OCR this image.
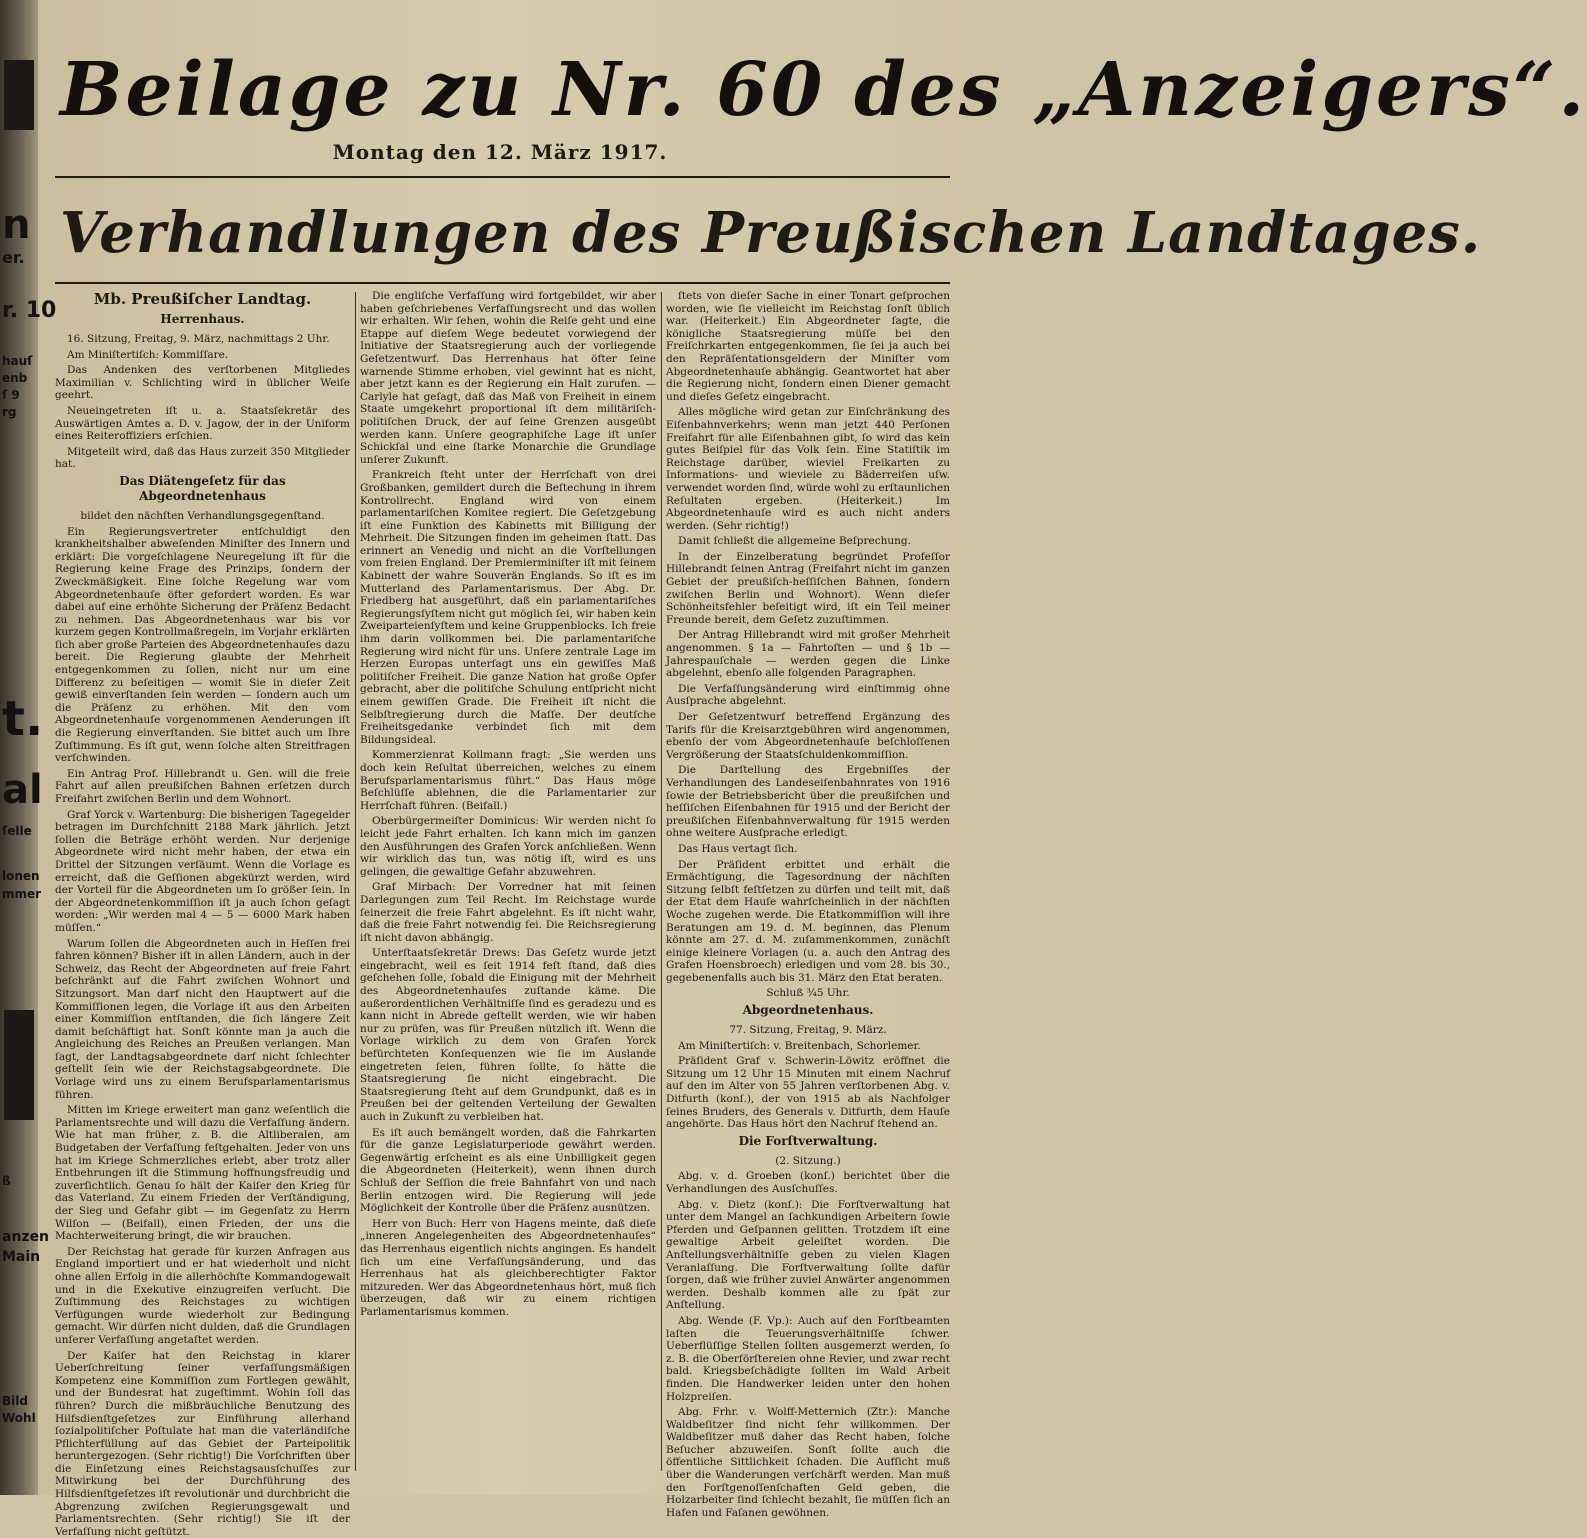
n
er.
r. 10
hauſ
enb
ſ 9
rg
t.
al
ſelle
lonen
mmer
ß
anzen
Main
Bild
Wohl
Beilage zu Nr. 60 des „Anzeigers“.
Montag den 12. März 1917.
Verhandlungen des Preußischen Landtages.
Mb. Preußiſcher Landtag.
Herrenhaus.

16. Sitzung, Freitag, 9. März, nachmittags 2 Uhr.

Am Miniſtertiſch: Kommiſſare.

Das Andenken des verſtorbenen Mitgliedes Maximilian v. Schlichting wird in üblicher Weiſe geehrt.

Neueingetreten iſt u. a. Staatsſekretär des Auswärtigen Amtes a. D. v. Jagow, der in der Uniform eines Reiteroffiziers erſchien.

Mitgeteilt wird, daß das Haus zurzeit 350 Mitglieder hat.

Das Diätengeſetz für das Abgeordnetenhaus

bildet den nächſten Verhandlungsgegenſtand.

Ein Regierungsvertreter entſchuldigt den krankheitshalber abweſenden Miniſter des Innern und erklärt: Die vorgeſchlagene Neuregelung iſt für die Regierung keine Frage des Prinzips, ſondern der Zweckmäßigkeit. Eine ſolche Regelung war vom Abgeordnetenhauſe öfter gefordert worden. Es war dabei auf eine erhöhte Sicherung der Präſenz Bedacht zu nehmen. Das Abgeordnetenhaus war bis vor kurzem gegen Kontrollmaßregeln, im Vorjahr erklärten ſich aber große Parteien des Abgeordnetenhauſes dazu bereit. Die Regierung glaubte der Mehrheit entgegenkommen zu ſollen, nicht nur um eine Differenz zu beſeitigen — womit Sie in dieſer Zeit gewiß einverſtanden ſein werden — ſondern auch um die Präſenz zu erhöhen. Mit den vom Abgeordnetenhauſe vorgenommenen Aenderungen iſt die Regierung einverſtanden. Sie bittet auch um Ihre Zuſtimmung. Es iſt gut, wenn ſolche alten Streitfragen verſchwinden.

Ein Antrag Prof. Hillebrandt u. Gen. will die freie Fahrt auf allen preußiſchen Bahnen erſetzen durch Freifahrt zwiſchen Berlin und dem Wohnort.

Graf Yorck v. Wartenburg: Die bisherigen Tagegelder betragen im Durchſchnitt 2188 Mark jährlich. Jetzt ſollen die Beträge erhöht werden. Nur derjenige Abgeordnete wird nicht mehr haben, der etwa ein Drittel der Sitzungen verſäumt. Wenn die Vorlage es erreicht, daß die Geſſionen abgekürzt werden, wird der Vorteil für die Abgeordneten um ſo größer ſein. In der Abgeordnetenkommiſſion iſt ja auch ſchon geſagt worden: „Wir werden mal 4 — 5 — 6000 Mark haben müſſen.“

Warum ſollen die Abgeordneten auch in Heſſen frei fahren können? Bisher iſt in allen Ländern, auch in der Schweiz, das Recht der Abgeordneten auf freie Fahrt beſchränkt auf die Fahrt zwiſchen Wohnort und Sitzungsort. Man darf nicht den Hauptwert auf die Kommiſſionen legen, die Vorlage iſt aus den Arbeiten einer Kommiſſion entſtanden, die ſich längere Zeit damit beſchäftigt hat. Sonſt könnte man ja auch die Angleichung des Reiches an Preußen verlangen. Man ſagt, der Landtagsabgeordnete darf nicht ſchlechter geſtellt ſein wie der Reichstagsabgeordnete. Die Vorlage wird uns zu einem Berufsparlamentarismus führen.

Mitten im Kriege erweitert man ganz weſentlich die Parlamentsrechte und will dazu die Verfaſſung ändern. Wie hat man früher, z. B. die Altliberalen, am Budgetaben der Verfaſſung feſtgehalten. Jeder von uns hat im Kriege Schmerzliches erlebt, aber trotz aller Entbehrungen iſt die Stimmung hoffnungsfreudig und zuverſichtlich. Genau ſo hält der Kaiſer den Krieg für das Vaterland. Zu einem Frieden der Verſtändigung, der Sieg und Gefahr gibt — im Gegenſatz zu Herrn Wilſon — (Beifall), einen Frieden, der uns die Machterweiterung bringt, die wir brauchen.

Der Reichstag hat gerade für kurzen Anfragen aus England importiert und er hat wiederholt und nicht ohne allen Erfolg in die allerhöchſte Kommandogewalt und in die Exekutive einzugreifen verſucht. Die Zuſtimmung des Reichstages zu wichtigen Verfügungen wurde wiederholt zur Bedingung gemacht. Wir dürfen nicht dulden, daß die Grundlagen unſerer Verfaſſung angetaſtet werden.

Der Kaiſer hat den Reichstag in klarer Ueberſchreitung ſeiner verfaſſungsmäßigen Kompetenz eine Kommiſſion zum Fortlegen gewählt, und der Bundesrat hat zugeſtimmt. Wohin ſoll das führen? Durch die mißbräuchliche Benutzung des Hilfsdienſtgeſetzes zur Einführung allerhand ſozialpolitiſcher Poſtulate hat man die vaterländiſche Pflichterfüllung auf das Gebiet der Parteipolitik heruntergezogen. (Sehr richtig!) Die Vorſchriften über die Einſetzung eines Reichstagsausſchuſſes zur Mitwirkung bei der Durchführung des Hilfsdienſtgeſetzes iſt revolutionär und durchbricht die Abgrenzung zwiſchen Regierungsgewalt und Parlamentsrechten. (Sehr richtig!) Sie iſt der Verfaſſung nicht geſtützt.

Die engliſche Verfaſſung wird fortgebildet, wir aber haben geſchriebenes Verfaſſungsrecht und das wollen wir erhalten. Wir ſehen, wohin die Reiſe geht und eine Etappe auf dieſem Wege bedeutet vorwiegend der Initiative der Staatsregierung auch der vorliegende Geſetzentwurf. Das Herrenhaus hat öfter ſeine warnende Stimme erhoben, viel gewinnt hat es nicht, aber jetzt kann es der Regierung ein Halt zurufen. — Carlyle hat geſagt, daß das Maß von Freiheit in einem Staate umgekehrt proportional iſt dem militäriſch-politiſchen Druck, der auf ſeine Grenzen ausgeübt werden kann. Unſere geographiſche Lage iſt unſer Schickſal und eine ſtarke Monarchie die Grundlage unſerer Zukunft.

Frankreich ſteht unter der Herrſchaft von drei Großbanken, gemildert durch die Beſtechung in ihrem Kontrollrecht. England wird von einem parlamentariſchen Komitee regiert. Die Geſetzgebung iſt eine Funktion des Kabinetts mit Billigung der Mehrheit. Die Sitzungen finden im geheimen ſtatt. Das erinnert an Venedig und nicht an die Vorſtellungen vom freien England. Der Premierminiſter iſt mit ſeinem Kabinett der wahre Souverän Englands. So iſt es im Mutterland des Parlamentarismus. Der Abg. Dr. Friedberg hat ausgeführt, daß ein parlamentariſches Regierungsſyſtem nicht gut möglich ſei, wir haben kein Zweiparteienſyſtem und keine Gruppenblocks. Ich freie ihm darin vollkommen bei. Die parlamentariſche Regierung wird nicht für uns. Unſere zentrale Lage im Herzen Europas unterſagt uns ein gewiſſes Maß politiſcher Freiheit. Die ganze Nation hat große Opfer gebracht, aber die politiſche Schulung entſpricht nicht einem gewiſſen Grade. Die Freiheit iſt nicht die Selbſtregierung durch die Maſſe. Der deutſche Freiheitsgedanke verbindet ſich mit dem Bildungsideal.

Kommerzienrat Kollmann fragt: „Sie werden uns doch kein Reſultat überreichen, welches zu einem Berufsparlamentarismus führt.“ Das Haus möge Beſchlüſſe ablehnen, die die Parlamentarier zur Herrſchaft führen. (Beifall.)

Oberbürgermeiſter Dominicus: Wir werden nicht ſo leicht jede Fahrt erhalten. Ich kann mich im ganzen den Ausführungen des Grafen Yorck anſchließen. Wenn wir wirklich das tun, was nötig iſt, wird es uns gelingen, die gewaltige Gefahr abzuwehren.

Graf Mirbach: Der Vorredner hat mit ſeinen Darlegungen zum Teil Recht. Im Reichstage wurde ſeinerzeit die freie Fahrt abgelehnt. Es iſt nicht wahr, daß die freie Fahrt notwendig ſei. Die Reichsregierung iſt nicht davon abhängig.

Unterſtaatsſekretär Drews: Das Geſetz wurde jetzt eingebracht, weil es ſeit 1914 feſt ſtand, daß dies geſchehen ſolle, ſobald die Einigung mit der Mehrheit des Abgeordnetenhauſes zuſtande käme. Die außerordentlichen Verhältniſſe ſind es geradezu und es kann nicht in Abrede geſtellt werden, wie wir haben nur zu prüfen, was für Preußen nützlich iſt. Wenn die Vorlage wirklich zu dem von Grafen Yorck befürchteten Konſequenzen wie ſie im Auslande eingetreten ſeien, führen ſollte, ſo hätte die Staatsregierung ſie nicht eingebracht. Die Staatsregierung ſteht auf dem Grundpunkt, daß es in Preußen bei der geltenden Verteilung der Gewalten auch in Zukunft zu verbleiben hat.

Es iſt auch bemängelt worden, daß die Fahrkarten für die ganze Legislaturperiode gewährt werden. Gegenwärtig erſcheint es als eine Unbilligkeit gegen die Abgeordneten (Heiterkeit), wenn ihnen durch Schluß der Seſſion die freie Bahnfahrt von und nach Berlin entzogen wird. Die Regierung will jede Möglichkeit der Kontrolle über die Präſenz ausnützen.

Herr von Buch: Herr von Hagens meinte, daß dieſe „inneren Angelegenheiten des Abgeordnetenhauſes“ das Herrenhaus eigentlich nichts angingen. Es handelt ſich um eine Verfaſſungsänderung, und das Herrenhaus hat als gleichberechtigter Faktor mitzureden. Wer das Abgeordnetenhaus hört, muß ſich überzeugen, daß wir zu einem richtigen Parlamentarismus kommen.

ſtets von dieſer Sache in einer Tonart geſprochen worden, wie ſie vielleicht im Reichstag ſonſt üblich war. (Heiterkeit.) Ein Abgeordneter ſagte, die königliche Staatsregierung müſſe bei den Freiſchrkarten entgegenkommen, ſie ſei ja auch bei den Repräſentationsgeldern der Miniſter vom Abgeordnetenhauſe abhängig. Geantwortet hat aber die Regierung nicht, ſondern einen Diener gemacht und dieſes Geſetz eingebracht.

Alles mögliche wird getan zur Einſchränkung des Eiſenbahnverkehrs; wenn man jetzt 440 Perſonen Freifahrt für alle Eiſenbahnen gibt, ſo wird das kein gutes Beiſpiel für das Volk ſein. Eine Statiſtik im Reichstage darüber, wieviel Freikarten zu Informations- und wieviele zu Bäderreiſen uſw. verwendet worden ſind, würde wohl zu erſtaunlichen Reſultaten ergeben. (Heiterkeit.) Im Abgeordnetenhauſe wird es auch nicht anders werden. (Sehr richtig!)

Damit ſchließt die allgemeine Beſprechung.

In der Einzelberatung begründet Profeſſor Hillebrandt ſeinen Antrag (Freifahrt nicht im ganzen Gebiet der preußiſch-heſſiſchen Bahnen, ſondern zwiſchen Berlin und Wohnort). Wenn dieſer Schönheitsfehler beſeitigt wird, iſt ein Teil meiner Freunde bereit, dem Geſetz zuzuſtimmen.

Der Antrag Hillebrandt wird mit großer Mehrheit angenommen. § 1a — Fahrtoſten — und § 1b — Jahrespauſchale — werden gegen die Linke abgelehnt, ebenſo alle folgenden Paragraphen.

Die Verfaſſungsänderung wird einſtimmig ohne Ausſprache abgelehnt.

Der Geſetzentwurf betreffend Ergänzung des Tarifs für die Kreisarztgebühren wird angenommen, ebenſo der vom Abgeordnetenhauſe beſchloſſenen Vergrößerung der Staatsſchuldenkommiſſion.

Die Darſtellung des Ergebniſſes der Verhandlungen des Landeseiſenbahnrates von 1916 ſowie der Betriebsbericht über die preußiſchen und heſſiſchen Eiſenbahnen für 1915 und der Bericht der preußiſchen Eiſenbahnverwaltung für 1915 werden ohne weitere Ausſprache erledigt.

Das Haus vertagt ſich.

Der Präſident erbittet und erhält die Ermächtigung, die Tagesordnung der nächſten Sitzung ſelbſt feſtſetzen zu dürfen und teilt mit, daß der Etat dem Hauſe wahrſcheinlich in der nächſten Woche zugehen werde. Die Etatkommiſſion will ihre Beratungen am 19. d. M. beginnen, das Plenum könnte am 27. d. M. zuſammenkommen, zunächſt einige kleinere Vorlagen (u. a. auch den Antrag des Grafen Hoensbroech) erledigen und vom 28. bis 30., gegebenenfalls auch bis 31. März den Etat beraten.

Schluß ¾5 Uhr.

Abgeordnetenhaus.

77. Sitzung, Freitag, 9. März.

Am Miniſtertiſch: v. Breitenbach, Schorlemer.

Präſident Graf v. Schwerin-Löwitz eröffnet die Sitzung um 12 Uhr 15 Minuten mit einem Nachruf auf den im Alter von 55 Jahren verſtorbenen Abg. v. Ditfurth (konſ.), der von 1915 ab als Nachfolger ſeines Bruders, des Generals v. Ditfurth, dem Hauſe angehörte. Das Haus hört den Nachruf ſtehend an.

Die Forſtverwaltung.

(2. Sitzung.)

Abg. v. d. Groeben (konſ.) berichtet über die Verhandlungen des Ausſchuſſes.

Abg. v. Dietz (konſ.): Die Forſtverwaltung hat unter dem Mangel an ſachkundigen Arbeitern ſowie Pferden und Geſpannen gelitten. Trotzdem iſt eine gewaltige Arbeit geleiſtet worden. Die Anſtellungsverhältniſſe geben zu vielen Klagen Veranlaſſung. Die Forſtverwaltung ſollte dafür ſorgen, daß wie früher zuviel Anwärter angenommen werden. Deshalb kommen alle zu ſpät zur Anſtellung.

Abg. Wende (F. Vp.): Auch auf den Forſtbeamten laſten die Teuerungsverhältniſſe ſchwer. Ueberflüſſige Stellen ſollten ausgemerzt werden, ſo z. B. die Oberförſtereien ohne Revier, und zwar recht bald. Kriegsbeſchädigte ſollten im Wald Arbeit finden. Die Handwerker leiden unter den hohen Holzpreiſen.

Abg. Frhr. v. Wolff-Metternich (Ztr.): Manche Waldbeſitzer ſind nicht ſehr willkommen. Der Waldbeſitzer muß daher das Recht haben, ſolche Beſucher abzuweiſen. Sonſt ſollte auch die öffentliche Sittlichkeit ſchaden. Die Aufſicht muß über die Wanderungen verſchärft werden. Man muß den Forſtgenoſſenſchaften Geld geben, die Holzarbeiter ſind ſchlecht bezahlt, ſie müſſen ſich an Hafen und Faſanen gewöhnen.
